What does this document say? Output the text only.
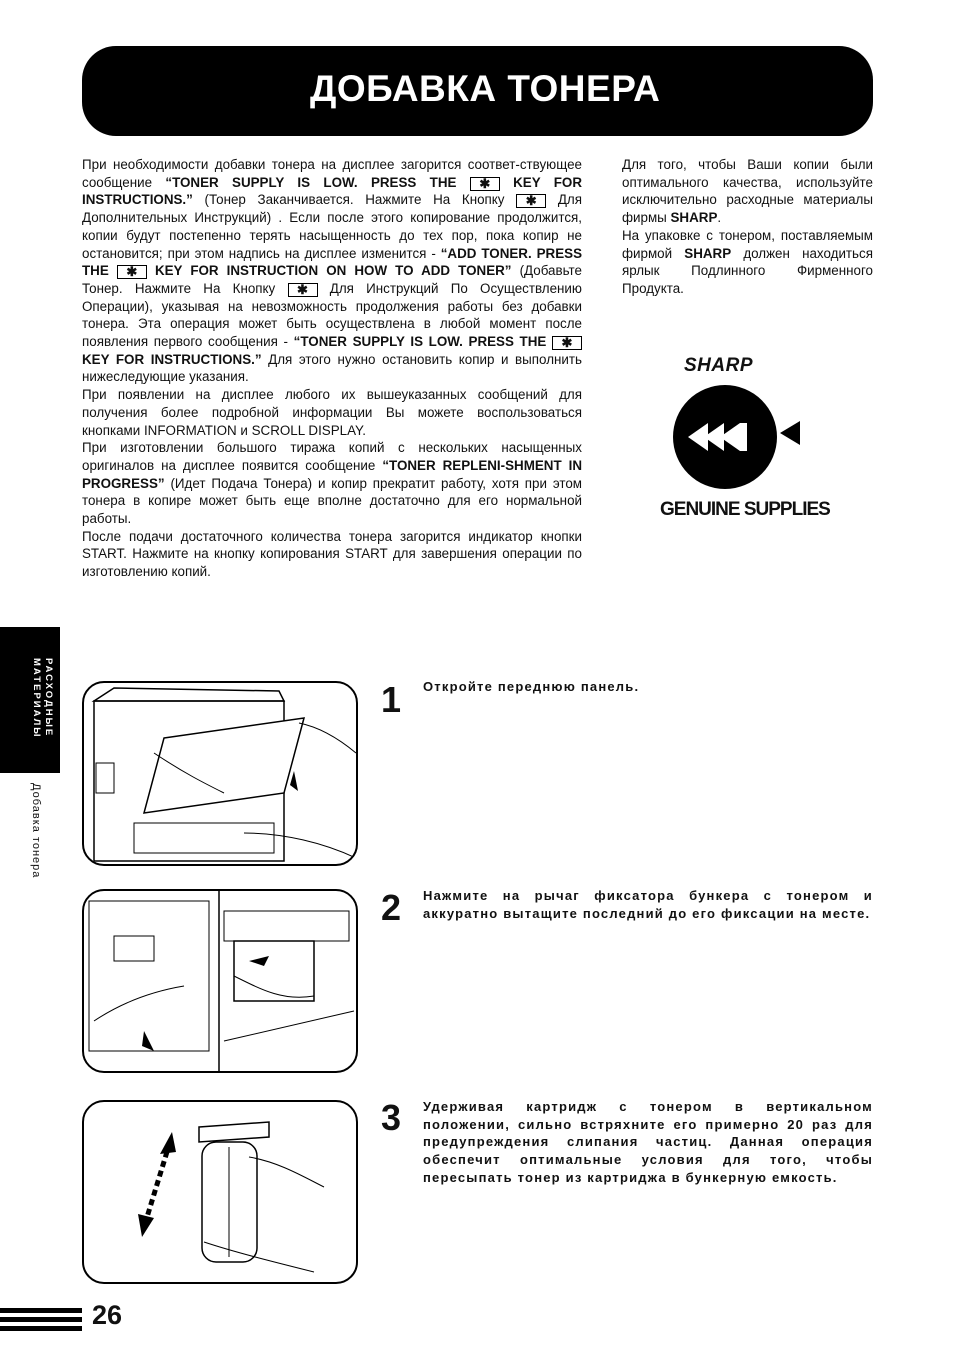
ДОБАВКА ТОНЕРА

При необходимости добавки тонера на дисплее загорится соответ-ствующее сообщение “TONER SUPPLY IS LOW. PRESS THE ✱ KEY FOR INSTRUCTIONS.” (Тонер Заканчивается. Нажмите На Кнопку ✱ Для Дополнительных Инструкций) . Если после этого копирование продолжится, копии будут постепенно терять насыщенность до тех пор, пока копир не остановится; при этом надпись на дисплее изменится - “ADD TONER. PRESS THE ✱ KEY FOR INSTRUCTION ON HOW TO ADD TONER” (Добавьте Тонер. Нажмите На Кнопку ✱ Для Инструкций По Осуществлению Операции), указывая на невозможность продолжения работы без добавки тонера. Эта операция может быть осуществлена в любой момент после появления первого сообщения - “TONER SUPPLY IS LOW. PRESS THE ✱ KEY FOR INSTRUCTIONS.” Для этого нужно остановить копир и выполнить нижеследующие указания.

При появлении на дисплее любого их вышеуказанных сообщений для получения более подробной информации Вы можете воспользоваться кнопками INFORMATION и SCROLL DISPLAY.

При изготовлении большого тиража копий с нескольких насыщенных оригиналов на дисплее появится сообщение “TONER REPLENI-SHMENT IN PROGRESS” (Идет Подача Тонера) и копир прекратит работу, хотя при этом тонера в копире может быть еще вполне достаточно для его нормальной работы.

После подачи достаточного количества тонера загорится индикатор кнопки START. Нажмите на кнопку копирования START для завершения операции по изготовлению копий.

Для того, чтобы Ваши копии были оптимального качества, используйте исключительно расходные материалы фирмы SHARP.

На упаковке с тонером, поставляемым фирмой SHARP должен находиться ярлык Подлинного Фирменного Продукта.

SHARP
GENUINE SUPPLIES
РАСХОДНЫЕ
МАТЕРИАЛЫ
Добавка тонера
1 Откройте переднюю панель.
2 Нажмите на рычаг фиксатора бункера с тонером и аккуратно вытащите последний до его фиксации на месте.
3 Удерживая картридж с тонером в вертикальном положении, сильно встряхните его примерно 20 раз для предупреждения слипания частиц. Данная операция обеспечит оптимальные условия для того, чтобы пересыпать тонер из картриджа в бункерную емкость.
26
